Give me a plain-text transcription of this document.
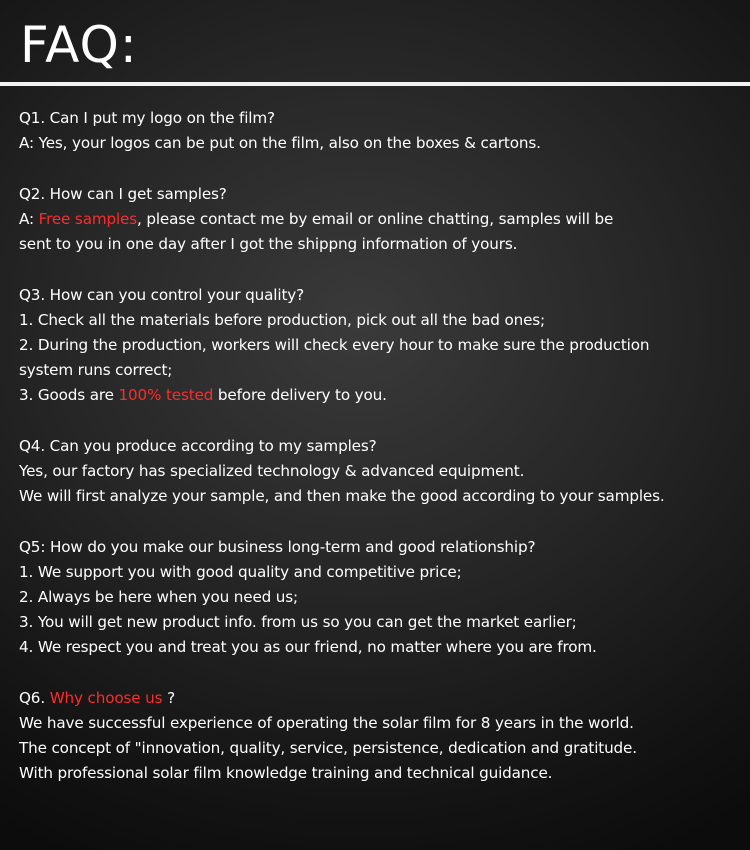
FAQ:

Q1. Can I put my logo on the film?

A: Yes, your logos can be put on the film, also on the boxes & cartons.

Q2. How can I get samples?

A: Free samples, please contact me by email or online chatting, samples will be

sent to you in one day after I got the shippng information of yours.

Q3. How can you control your quality?

1. Check all the materials before production, pick out all the bad ones;

2. During the production, workers will check every hour to make sure the production

system runs correct;

3. Goods are 100% tested before delivery to you.

Q4. Can you produce according to my samples?

Yes, our factory has specialized technology & advanced equipment.

We will first analyze your sample, and then make the good according to your samples.

Q5: How do you make our business long-term and good relationship?

1. We support you with good quality and competitive price;

2. Always be here when you need us;

3. You will get new product info. from us so you can get the market earlier;

4. We respect you and treat you as our friend, no matter where you are from.

Q6. Why choose us ?

We have successful experience of operating the solar film for 8 years in the world.

The concept of "innovation, quality, service, persistence, dedication and gratitude.

With professional solar film knowledge training and technical guidance.
